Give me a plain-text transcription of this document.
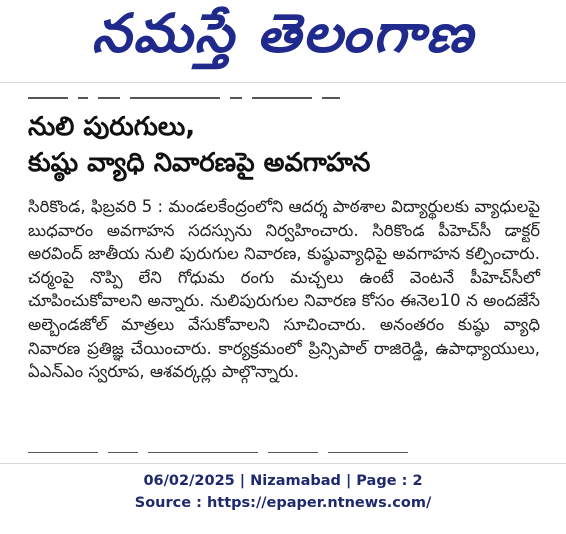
నమస్తే తెలంగాణ
నులి పురుగులు,
కుష్ఠు వ్యాధి నివారణపై అవగాహన
సిరికొండ, ఫిబ్రవరి 5 : మండలకేంద్రంలోని ఆదర్శ పాఠశాల విద్యార్థులకు వ్యాధులపై బుధవారం అవగాహన సదస్సును నిర్వహించారు. సిరికొండ పీహెచ్‌సీ డాక్టర్ అరవింద్ జాతీయ నులి పురుగుల నివారణ, కుష్ఠువ్యాధిపై అవగాహన కల్పించారు. చర్మంపై నొప్పి లేని గోధుమ రంగు మచ్చలు ఉంటే వెంటనే పీహెచ్‌సీలో చూపించుకోవాలని అన్నారు. నులిపురుగుల నివారణ కోసం ఈనెల10 న అందజేసే అల్బెండజోల్ మాత్రలు వేసుకోవాలని సూచించారు. అనంతరం కుష్ఠు వ్యాధి నివారణ ప్రతిజ్ఞ చేయించారు. కార్యక్రమంలో ప్రిన్సిపాల్ రాజిరెడ్డి, ఉపాధ్యాయులు, ఏఎన్ఎం స్వరూప, ఆశవర్కర్లు పాల్గొన్నారు.
06/02/2025 | Nizamabad | Page : 2
Source : https://epaper.ntnews.com/
